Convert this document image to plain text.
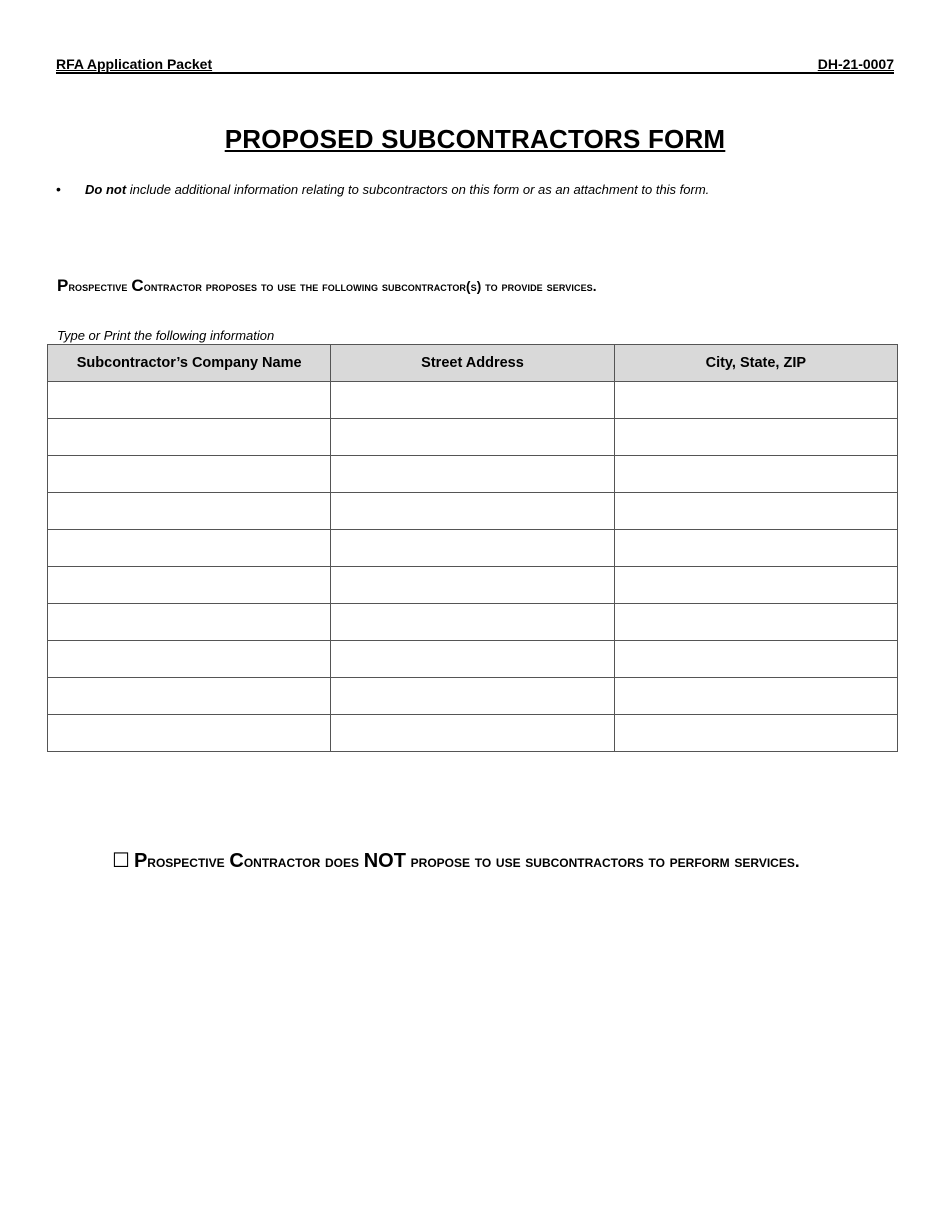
RFA Application Packet	DH-21-0007
PROPOSED SUBCONTRACTORS FORM
• Do not include additional information relating to subcontractors on this form or as an attachment to this form.
Prospective Contractor proposes to use the following subcontractor(s) to provide services.
Type or Print the following information
Subcontractor’s Company Name	Street Address	City, State, ZIP

☐ Prospective Contractor does NOT propose to use subcontractors to perform services.
